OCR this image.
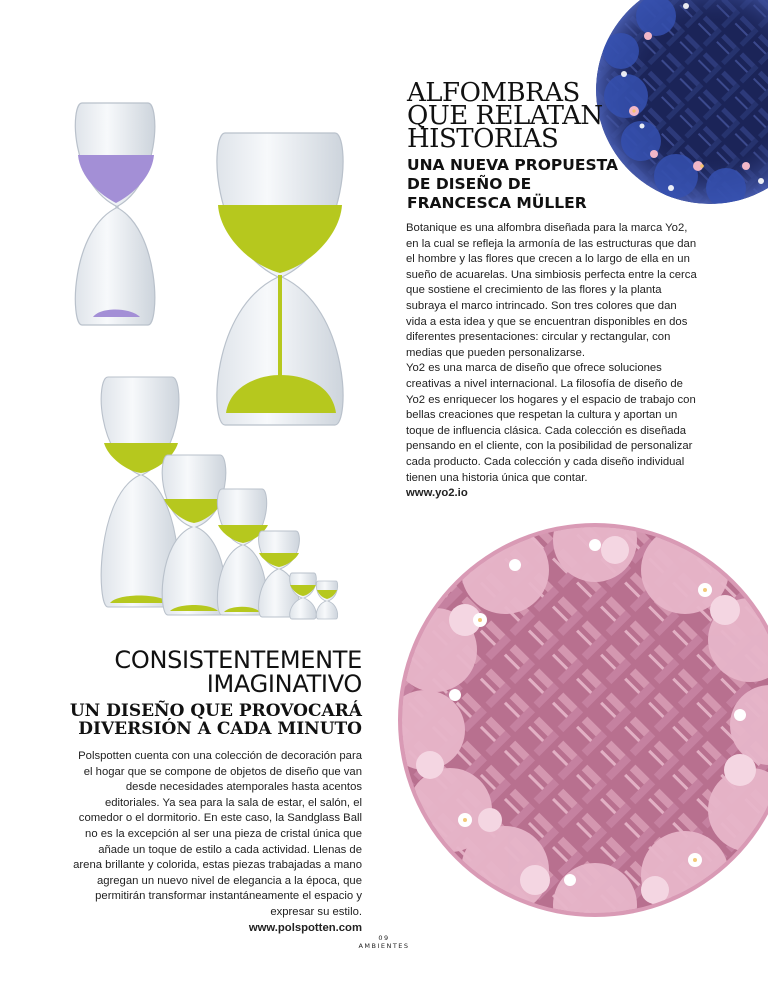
ALFOMBRAS
QUE RELATAN
HISTORIAS
UNA NUEVA PROPUESTA
DE DISEÑO DE
FRANCESCA MÜLLER

Botanique es una alfombra diseñada para la marca Yo2, en la cual se refleja la armonía de las estructuras que dan el hombre y las flores que crecen a lo largo de ella en un sueño de acuarelas. Una simbiosis perfecta entre la cerca que sostiene el crecimiento de las flores y la planta subraya el marco intrincado. Son tres colores que dan vida a esta idea y que se encuentran disponibles en dos diferentes presentaciones: circular y rectangular, con medias que pueden personalizarse.

Yo2 es una marca de diseño que ofrece soluciones creativas a nivel internacional. La filosofía de diseño de Yo2 es enriquecer los hogares y el espacio de trabajo con bellas creaciones que respetan la cultura y aportan un toque de influencia clásica. Cada colección es diseñada pensando en el cliente, con la posibilidad de personalizar cada producto. Cada colección y cada diseño individual tienen una historia única que contar.

www.yo2.io

CONSISTENTEMENTE
IMAGINATIVO
UN DISEÑO QUE PROVOCARÁ
DIVERSIÓN A CADA MINUTO

Polspotten cuenta con una colección de decoración para el hogar que se compone de objetos de diseño que van desde necesidades atemporales hasta acentos editoriales. Ya sea para la sala de estar, el salón, el comedor o el dormitorio. En este caso, la Sandglass Ball no es la excepción al ser una pieza de cristal única que añade un toque de estilo a cada actividad. Llenas de arena brillante y colorida, estas piezas trabajadas a mano agregan un nuevo nivel de elegancia a la época, que permitirán transformar instantáneamente el espacio y expresar su estilo.

www.polspotten.com

09
AMBIENTES
